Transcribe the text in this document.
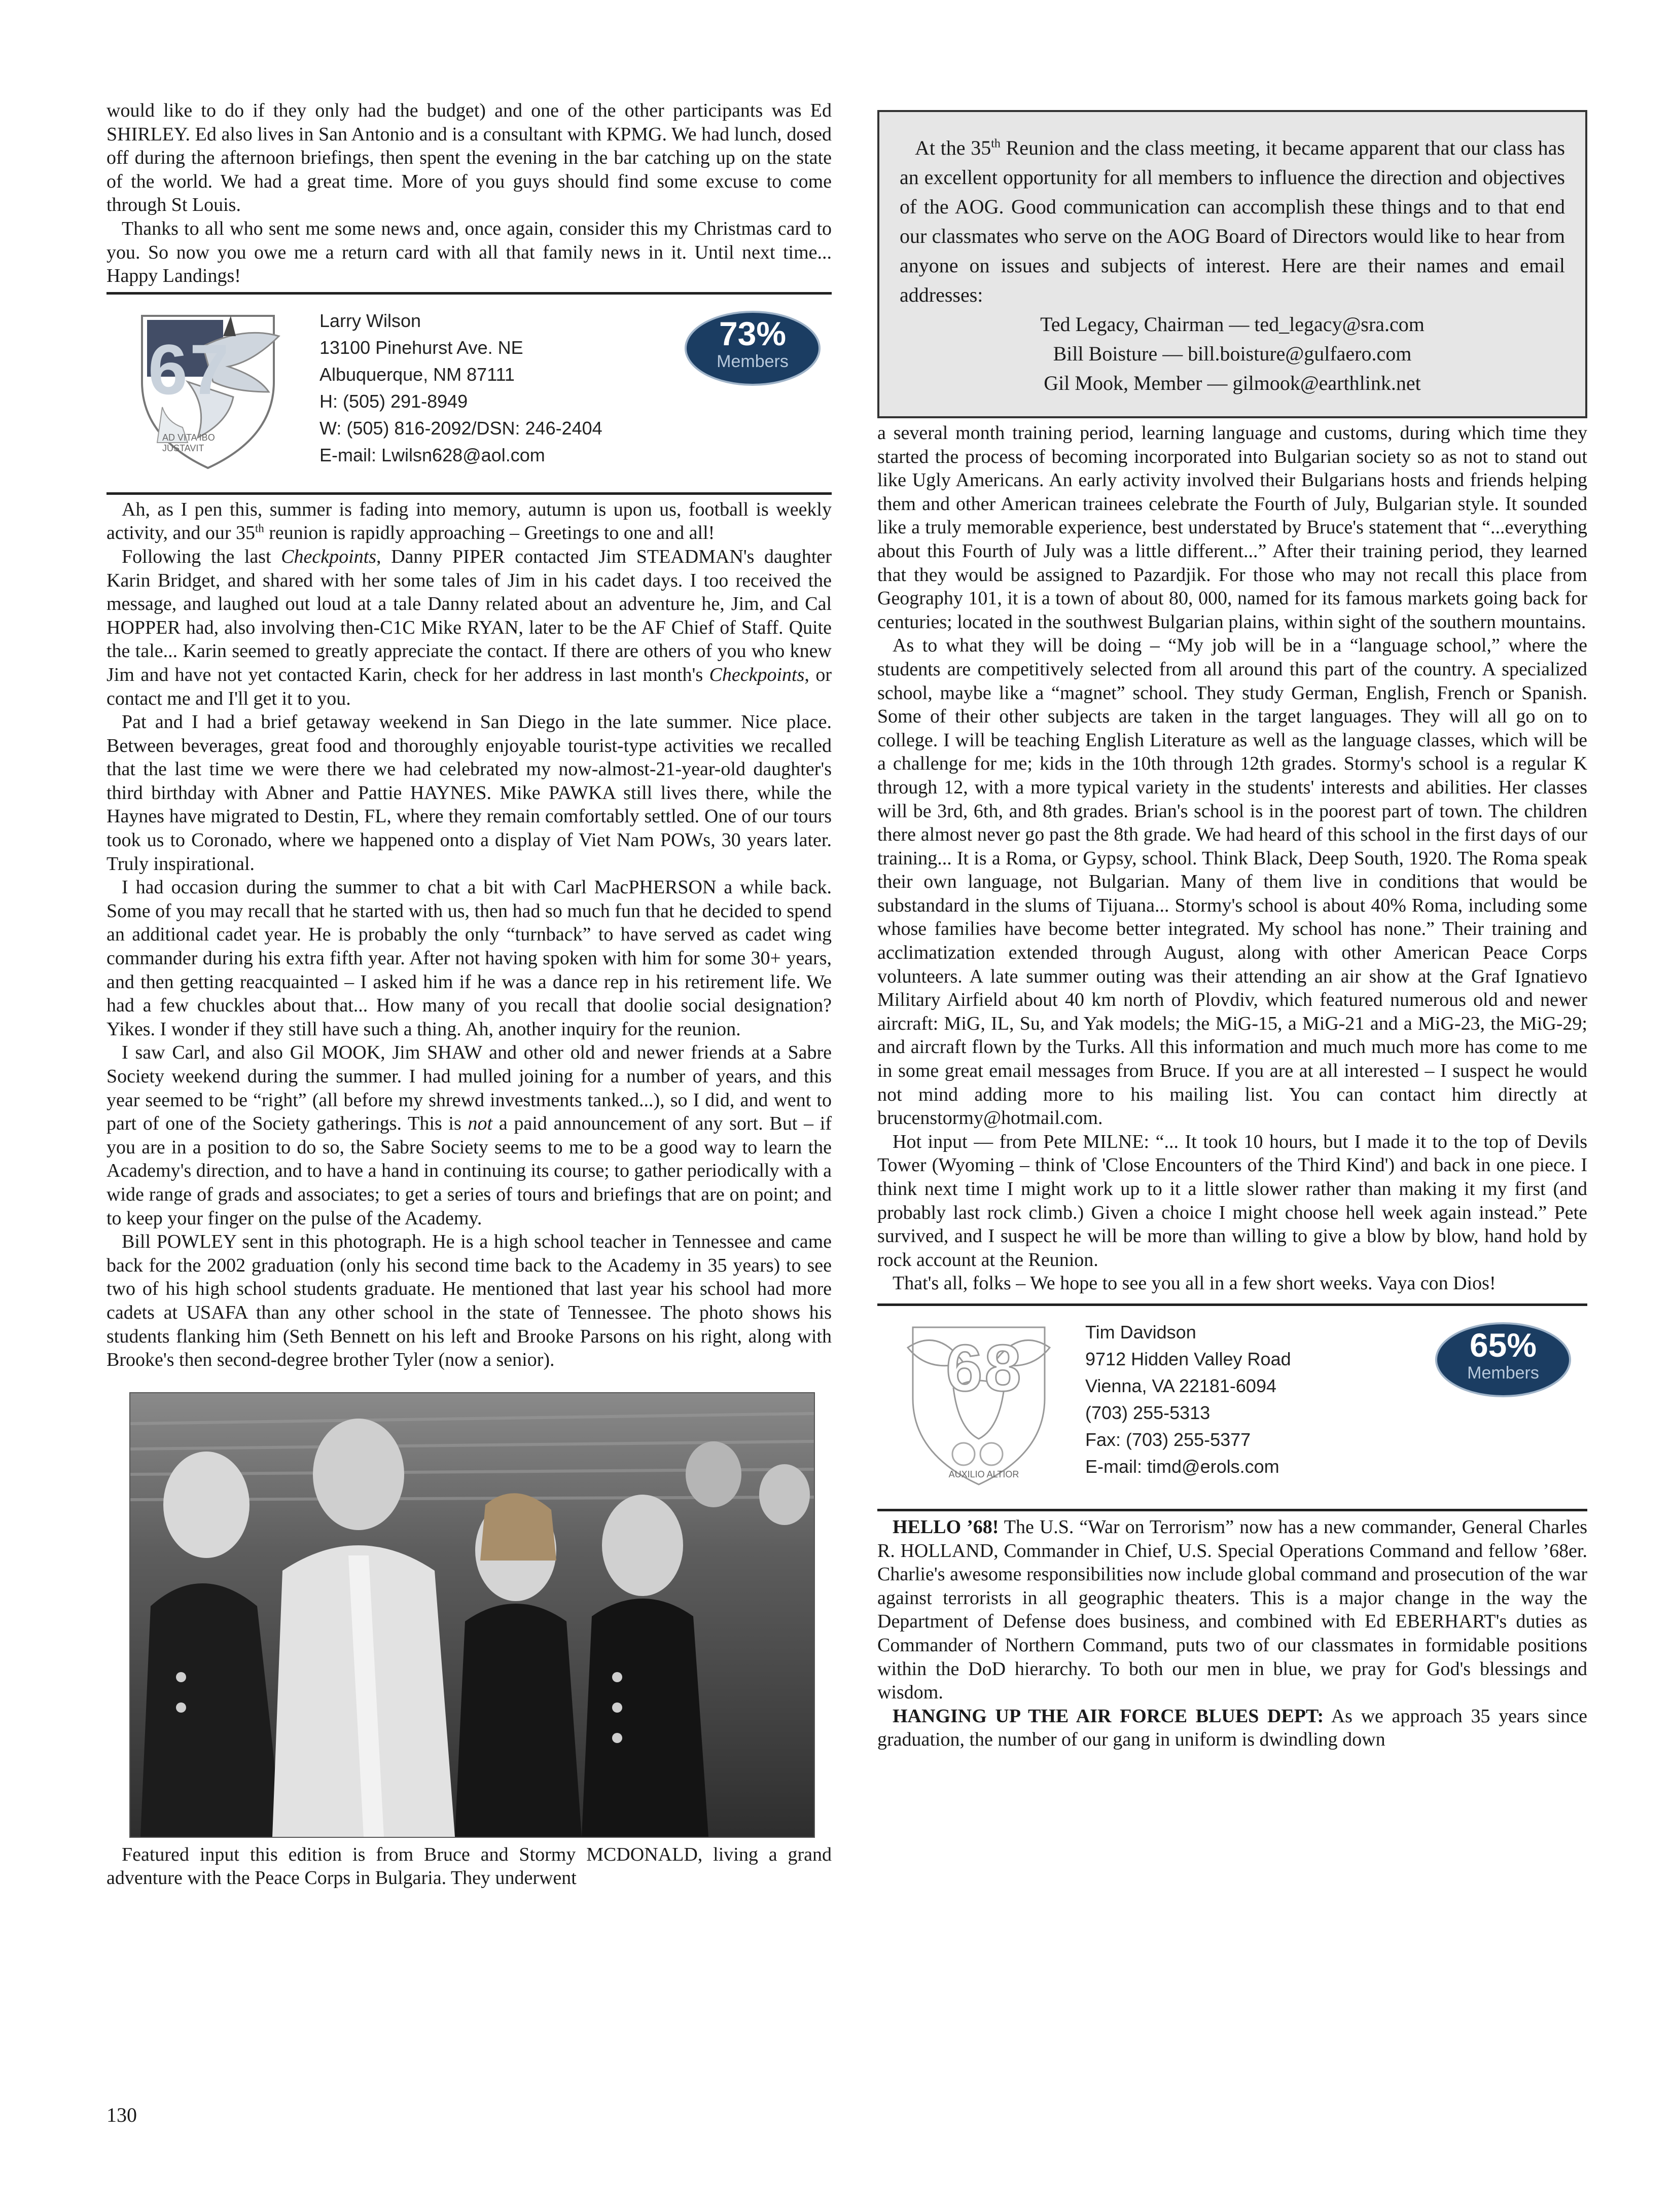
would like to do if they only had the budget) and one of the other participants was Ed SHIRLEY. Ed also lives in San Antonio and is a consultant with KPMG. We had lunch, dosed off during the afternoon briefings, then spent the evening in the bar catching up on the state of the world. We had a great time. More of you guys should find some excuse to come through St Louis.

Thanks to all who sent me some news and, once again, consider this my Christmas card to you. So now you owe me a return card with all that family news in it. Until next time... Happy Landings!

67
AD VITA IBO JUSTAVIT
Larry Wilson
13100 Pinehurst Ave. NE
Albuquerque, NM 87111
H: (505) 291-8949
W: (505) 816-2092/DSN: 246-2404
E-mail: Lwilsn628@aol.com
73%
Members

Ah, as I pen this, summer is fading into memory, autumn is upon us, football is weekly activity, and our 35th reunion is rapidly approaching – Greetings to one and all!

Following the last Checkpoints, Danny PIPER contacted Jim STEADMAN's daughter Karin Bridget, and shared with her some tales of Jim in his cadet days. I too received the message, and laughed out loud at a tale Danny related about an adventure he, Jim, and Cal HOPPER had, also involving then-C1C Mike RYAN, later to be the AF Chief of Staff. Quite the tale... Karin seemed to greatly appreciate the contact. If there are others of you who knew Jim and have not yet contacted Karin, check for her address in last month's Checkpoints, or contact me and I'll get it to you.

Pat and I had a brief getaway weekend in San Diego in the late summer. Nice place. Between beverages, great food and thoroughly enjoyable tourist-type activities we recalled that the last time we were there we had celebrated my now-almost-21-year-old daughter's third birthday with Abner and Pattie HAYNES. Mike PAWKA still lives there, while the Haynes have migrated to Destin, FL, where they remain comfortably settled. One of our tours took us to Coronado, where we happened onto a display of Viet Nam POWs, 30 years later. Truly inspirational.

I had occasion during the summer to chat a bit with Carl MacPHERSON a while back. Some of you may recall that he started with us, then had so much fun that he decided to spend an additional cadet year. He is probably the only “turnback” to have served as cadet wing commander during his extra fifth year. After not having spoken with him for some 30+ years, and then getting reacquainted – I asked him if he was a dance rep in his retirement life. We had a few chuckles about that... How many of you recall that doolie social designation? Yikes. I wonder if they still have such a thing. Ah, another inquiry for the reunion.

I saw Carl, and also Gil MOOK, Jim SHAW and other old and newer friends at a Sabre Society weekend during the summer. I had mulled joining for a number of years, and this year seemed to be “right” (all before my shrewd investments tanked...), so I did, and went to part of one of the Society gatherings. This is not a paid announcement of any sort. But – if you are in a position to do so, the Sabre Society seems to me to be a good way to learn the Academy's direction, and to have a hand in continuing its course; to gather periodically with a wide range of grads and associates; to get a series of tours and briefings that are on point; and to keep your finger on the pulse of the Academy.

Bill POWLEY sent in this photograph. He is a high school teacher in Tennessee and came back for the 2002 graduation (only his second time back to the Academy in 35 years) to see two of his high school students graduate. He mentioned that last year his school had more cadets at USAFA than any other school in the state of Tennessee. The photo shows his students flanking him (Seth Bennett on his left and Brooke Parsons on his right, along with Brooke's then second-degree brother Tyler (now a senior).

Featured input this edition is from Bruce and Stormy MCDONALD, living a grand adventure with the Peace Corps in Bulgaria. They underwent

At the 35th Reunion and the class meeting, it became apparent that our class has an excellent opportunity for all members to influence the direction and objectives of the AOG. Good communication can accomplish these things and to that end our classmates who serve on the AOG Board of Directors would like to hear from anyone on issues and subjects of interest. Here are their names and email addresses:
Ted Legacy, Chairman — ted_legacy@sra.com
Bill Boisture — bill.boisture@gulfaero.com
Gil Mook, Member — gilmook@earthlink.net

a several month training period, learning language and customs, during which time they started the process of becoming incorporated into Bulgarian society so as not to stand out like Ugly Americans. An early activity involved their Bulgarians hosts and friends helping them and other American trainees celebrate the Fourth of July, Bulgarian style. It sounded like a truly memorable experience, best understated by Bruce's statement that “...everything about this Fourth of July was a little different...” After their training period, they learned that they would be assigned to Pazardjik. For those who may not recall this place from Geography 101, it is a town of about 80, 000, named for its famous markets going back for centuries; located in the southwest Bulgarian plains, within sight of the southern mountains.

As to what they will be doing – “My job will be in a “language school,” where the students are competitively selected from all around this part of the country. A specialized school, maybe like a “magnet” school. They study German, English, French or Spanish. Some of their other subjects are taken in the target languages. They will all go on to college. I will be teaching English Literature as well as the language classes, which will be a challenge for me; kids in the 10th through 12th grades. Stormy's school is a regular K through 12, with a more typical variety in the students' interests and abilities. Her classes will be 3rd, 6th, and 8th grades. Brian's school is in the poorest part of town. The children there almost never go past the 8th grade. We had heard of this school in the first days of our training... It is a Roma, or Gypsy, school. Think Black, Deep South, 1920. The Roma speak their own language, not Bulgarian. Many of them live in conditions that would be substandard in the slums of Tijuana... Stormy's school is about 40% Roma, including some whose families have become better integrated. My school has none.” Their training and acclimatization extended through August, along with other American Peace Corps volunteers. A late summer outing was their attending an air show at the Graf Ignatievo Military Airfield about 40 km north of Plovdiv, which featured numerous old and newer aircraft: MiG, IL, Su, and Yak models; the MiG-15, a MiG-21 and a MiG-23, the MiG-29; and aircraft flown by the Turks. All this information and much much more has come to me in some great email messages from Bruce. If you are at all interested – I suspect he would not mind adding more to his mailing list. You can contact him directly at brucenstormy@hotmail.com.

Hot input — from Pete MILNE: “... It took 10 hours, but I made it to the top of Devils Tower (Wyoming – think of 'Close Encounters of the Third Kind') and back in one piece. I think next time I might work up to it a little slower rather than making it my first (and probably last rock climb.) Given a choice I might choose hell week again instead.” Pete survived, and I suspect he will be more than willing to give a blow by blow, hand hold by rock account at the Reunion.

That's all, folks – We hope to see you all in a few short weeks. Vaya con Dios!

68
AUXILIO ALTIOR
Tim Davidson
9712 Hidden Valley Road
Vienna, VA 22181-6094
(703) 255-5313
Fax: (703) 255-5377
E-mail: timd@erols.com
65%
Members

HELLO ’68! The U.S. “War on Terrorism” now has a new commander, General Charles R. HOLLAND, Commander in Chief, U.S. Special Operations Command and fellow ’68er. Charlie's awesome responsibilities now include global command and prosecution of the war against terrorists in all geographic theaters. This is a major change in the way the Department of Defense does business, and combined with Ed EBERHART's duties as Commander of Northern Command, puts two of our classmates in formidable positions within the DoD hierarchy. To both our men in blue, we pray for God's blessings and wisdom.

HANGING UP THE AIR FORCE BLUES DEPT: As we approach 35 years since graduation, the number of our gang in uniform is dwindling down

130
